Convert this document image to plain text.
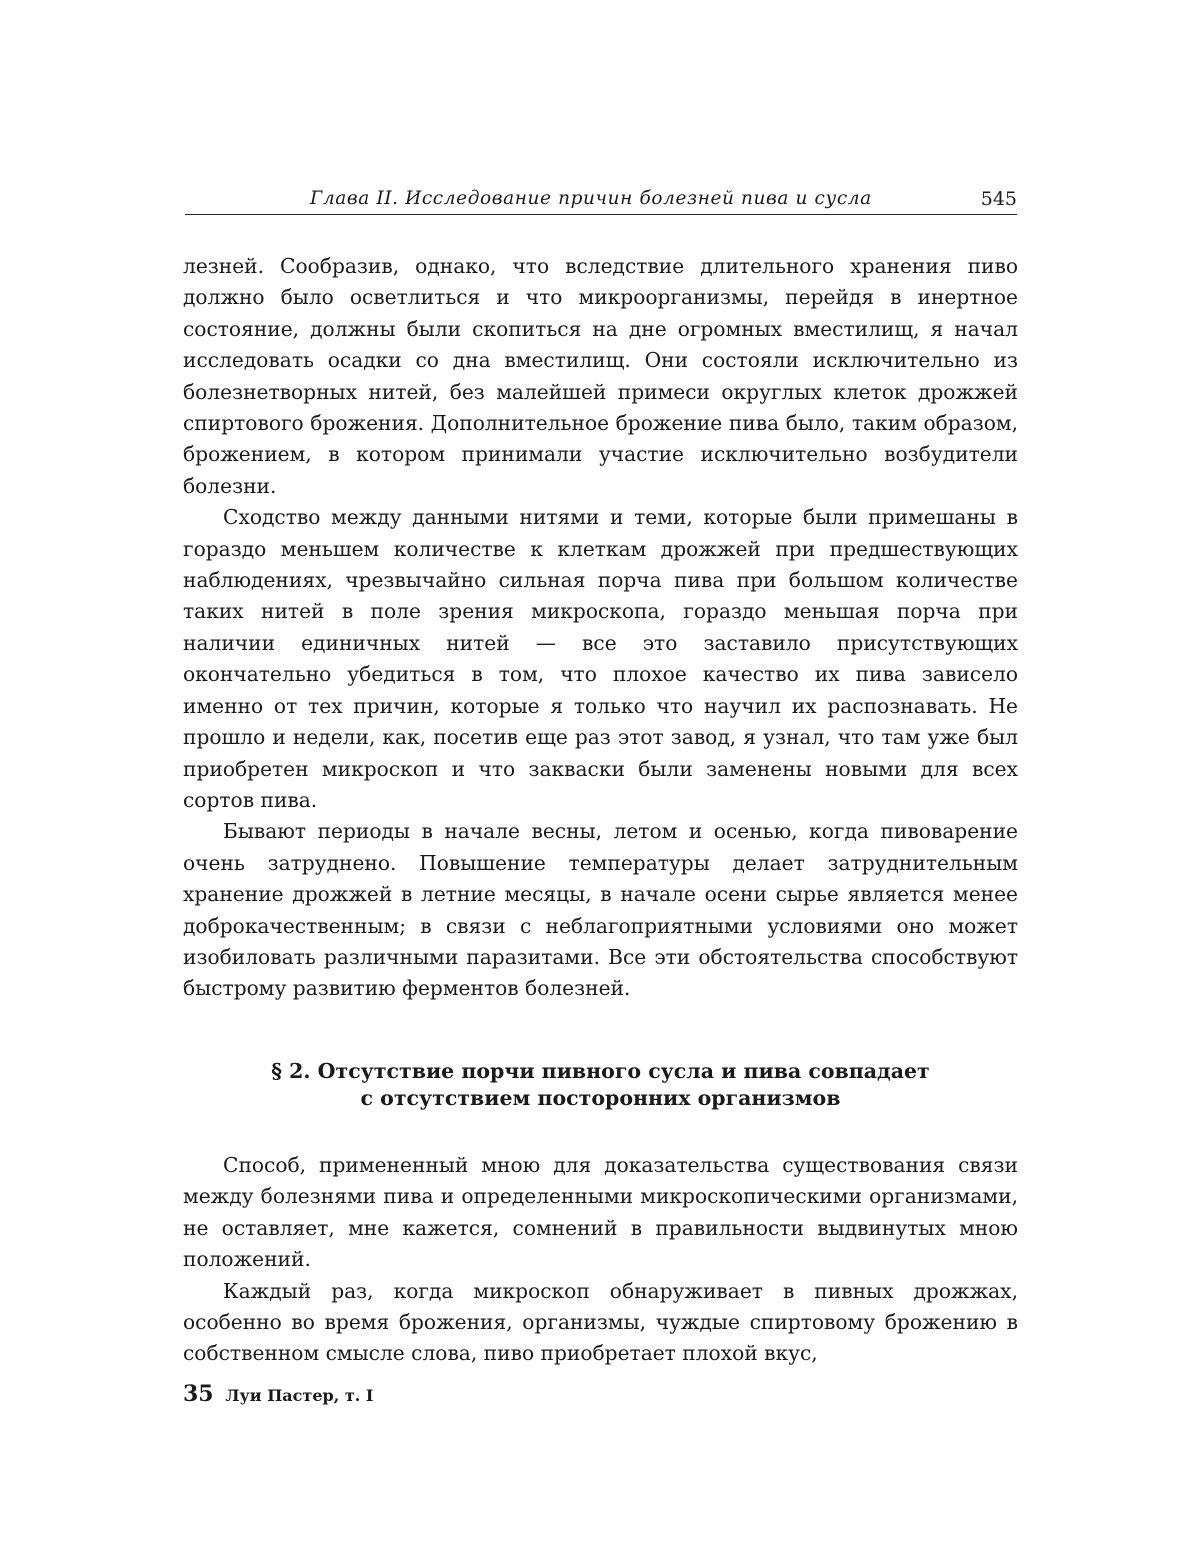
Глава II. Исследование причин болезней пива и сусла	545

лезней. Сообразив, однако, что вследствие длительного хранения пиво должно было осветлиться и что микроорганизмы, перейдя в инертное состояние, должны были скопиться на дне огромных вместилищ, я начал исследовать осадки со дна вместилищ. Они состояли исключительно из болезнетворных нитей, без малейшей примеси округлых клеток дрожжей спиртового брожения. Дополнительное брожение пива было, таким образом, брожением, в котором принимали участие исключительно возбудители болезни.

Сходство между данными нитями и теми, которые были примешаны в гораздо меньшем количестве к клеткам дрожжей при предшествующих наблюдениях, чрезвычайно сильная порча пива при большом количестве таких нитей в поле зрения микроскопа, гораздо меньшая порча при наличии единичных нитей — все это заставило присутствующих окончательно убедиться в том, что плохое качество их пива зависело именно от тех причин, которые я только что научил их распознавать. Не прошло и недели, как, посетив еще раз этот завод, я узнал, что там уже был приобретен микроскоп и что закваски были заменены новыми для всех сортов пива.

Бывают периоды в начале весны, летом и осенью, когда пивоварение очень затруднено. Повышение температуры делает затруднительным хранение дрожжей в летние месяцы, в начале осени сырье является менее доброкачественным; в связи с неблагоприятными условиями оно может изобиловать различными паразитами. Все эти обстоятельства способствуют быстрому развитию ферментов болезней.

§ 2. Отсутствие порчи пивного сусла и пива совпадает
с отсутствием посторонних организмов

Способ, примененный мною для доказательства существования связи между болезнями пива и определенными микроскопическими организмами, не оставляет, мне кажется, сомнений в правильности выдвинутых мною положений.

Каждый раз, когда микроскоп обнаруживает в пивных дрожжах, особенно во время брожения, организмы, чуждые спиртовому брожению в собственном смысле слова, пиво приобретает плохой вкус,

35 Луи Пастер, т. I
